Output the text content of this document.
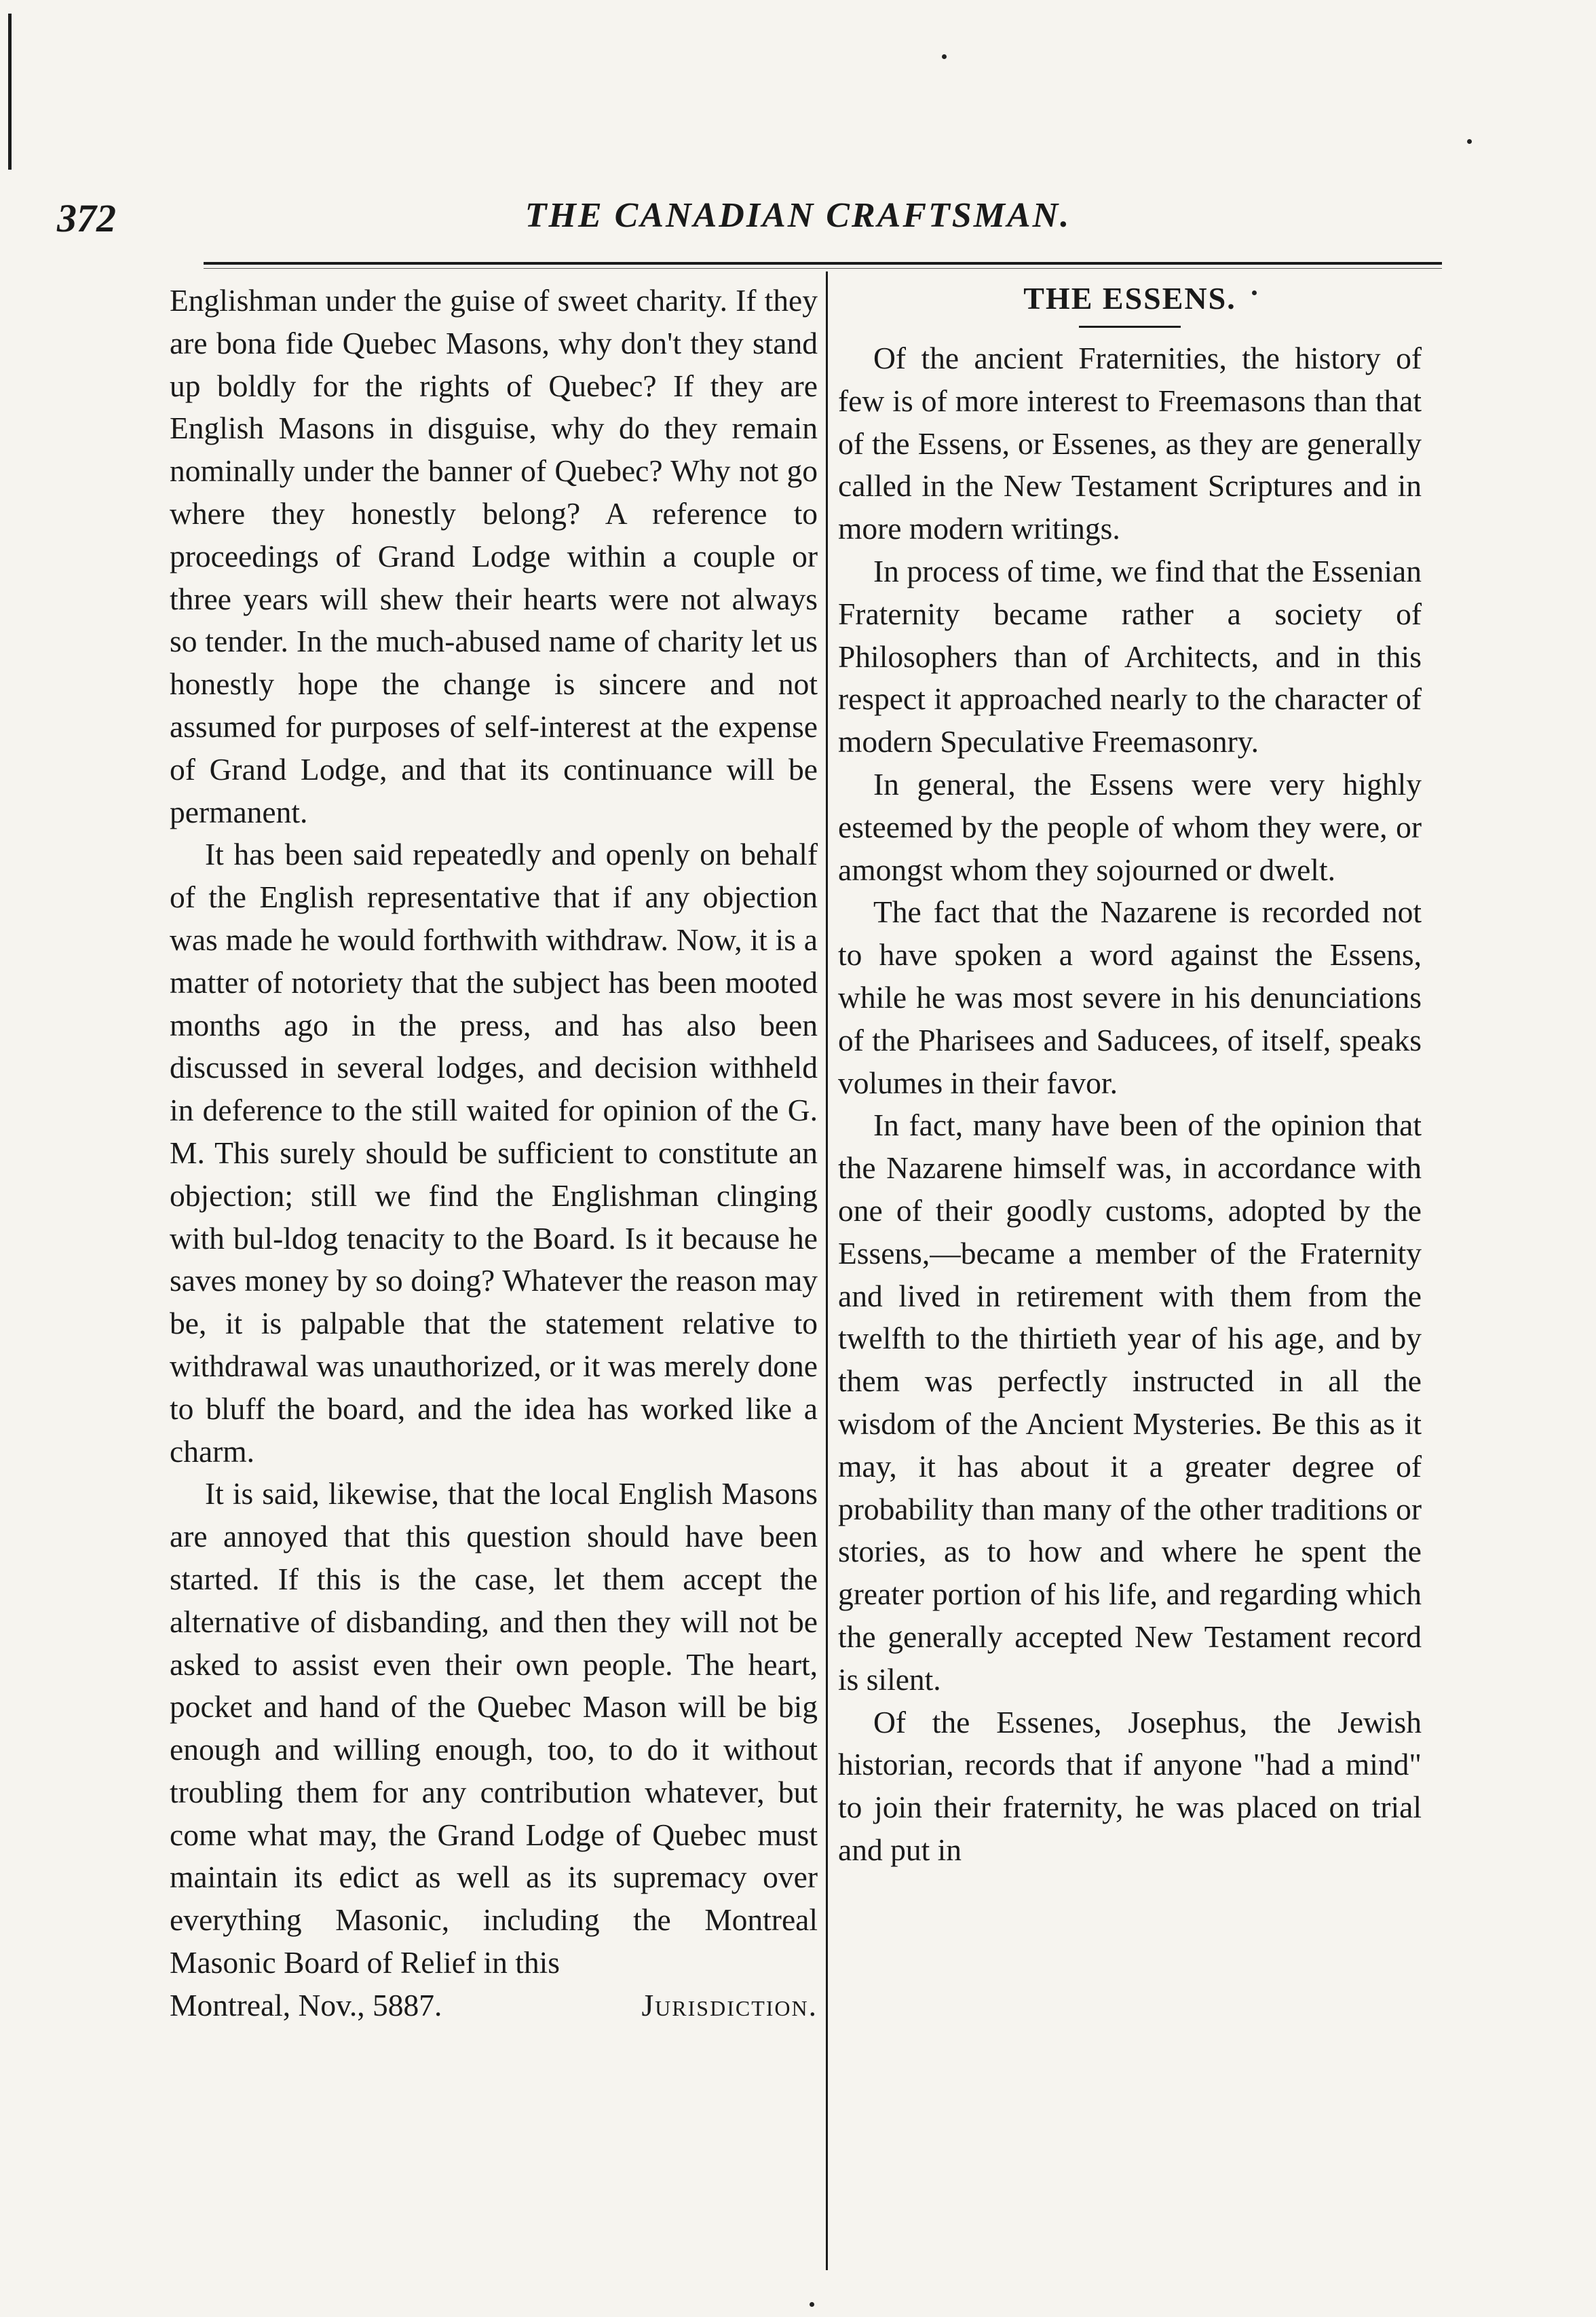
372	THE CANADIAN CRAFTSMAN.

Englishman under the guise of sweet charity. If they are bona fide Quebec Masons, why don't they stand up boldly for the rights of Quebec? If they are English Masons in disguise, why do they remain nominally under the banner of Quebec? Why not go where they honestly belong? A reference to proceedings of Grand Lodge within a couple or three years will shew their hearts were not always so tender. In the much-abused name of charity let us honestly hope the change is sincere and not assumed for purposes of self-interest at the expense of Grand Lodge, and that its continuance will be permanent.

It has been said repeatedly and openly on behalf of the English representative that if any objection was made he would forthwith withdraw. Now, it is a matter of notoriety that the subject has been mooted months ago in the press, and has also been discussed in several lodges, and decision withheld in deference to the still waited for opinion of the G. M. This surely should be sufficient to constitute an objection; still we find the Englishman clinging with bul-ldog tenacity to the Board. Is it because he saves money by so doing? Whatever the reason may be, it is palpable that the statement relative to withdrawal was unauthorized, or it was merely done to bluff the board, and the idea has worked like a charm.

It is said, likewise, that the local English Masons are annoyed that this question should have been started. If this is the case, let them accept the alternative of disbanding, and then they will not be asked to assist even their own people. The heart, pocket and hand of the Quebec Mason will be big enough and willing enough, too, to do it without troubling them for any contribution whatever, but come what may, the Grand Lodge of Quebec must maintain its edict as well as its supremacy over everything Masonic, including the Montreal Masonic Board of Relief in this

Montreal, Nov., 5887.	Jurisdiction.

THE ESSENS.

Of the ancient Fraternities, the history of few is of more interest to Freemasons than that of the Essens, or Essenes, as they are generally called in the New Testament Scriptures and in more modern writings.

In process of time, we find that the Essenian Fraternity became rather a society of Philosophers than of Architects, and in this respect it approached nearly to the character of modern Speculative Freemasonry.

In general, the Essens were very highly esteemed by the people of whom they were, or amongst whom they sojourned or dwelt.

The fact that the Nazarene is recorded not to have spoken a word against the Essens, while he was most severe in his denunciations of the Pharisees and Saducees, of itself, speaks volumes in their favor.

In fact, many have been of the opinion that the Nazarene himself was, in accordance with one of their goodly customs, adopted by the Essens,—became a member of the Fraternity and lived in retirement with them from the twelfth to the thirtieth year of his age, and by them was perfectly instructed in all the wisdom of the Ancient Mysteries. Be this as it may, it has about it a greater degree of probability than many of the other traditions or stories, as to how and where he spent the greater portion of his life, and regarding which the generally accepted New Testament record is silent.

Of the Essenes, Josephus, the Jewish historian, records that if anyone "had a mind" to join their fraternity, he was placed on trial and put in
